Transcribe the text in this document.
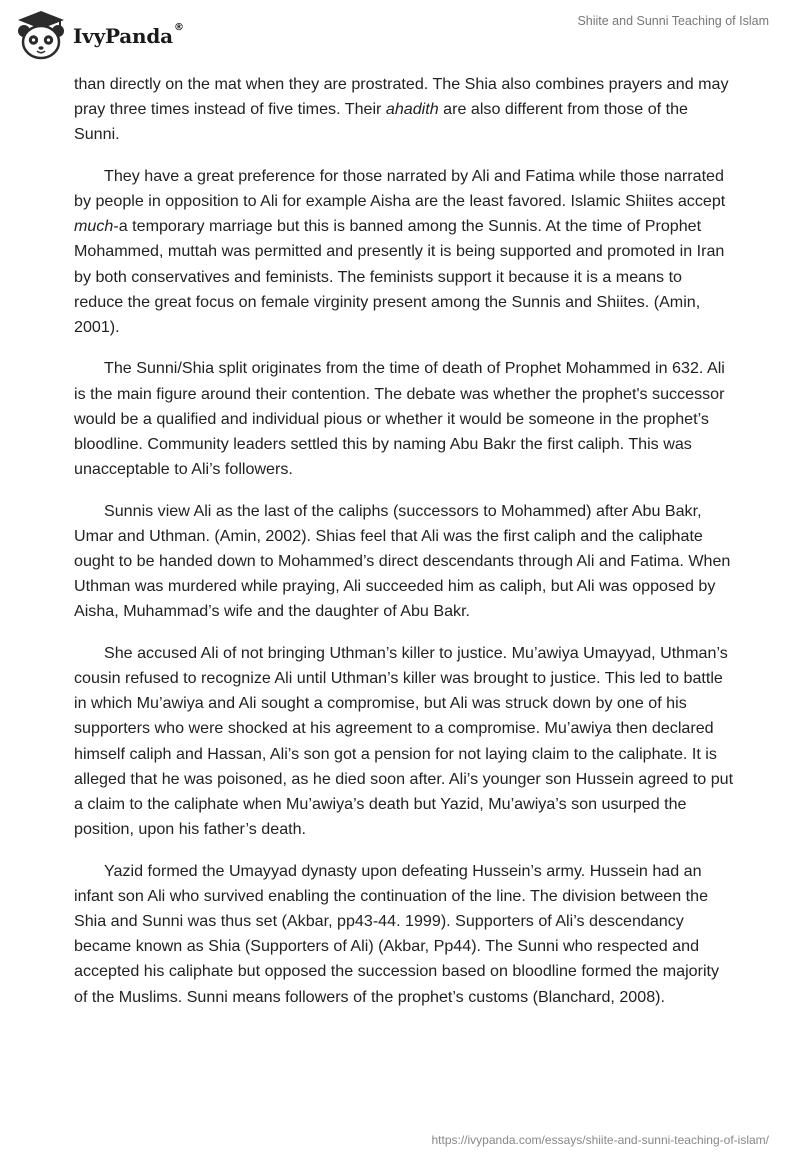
IvyPanda®	Shiite and Sunni Teaching of Islam

than directly on the mat when they are prostrated. The Shia also combines prayers and may pray three times instead of five times. Their ahadith are also different from those of the Sunni.

They have a great preference for those narrated by Ali and Fatima while those narrated by people in opposition to Ali for example Aisha are the least favored. Islamic Shiites accept much-a temporary marriage but this is banned among the Sunnis. At the time of Prophet Mohammed, muttah was permitted and presently it is being supported and promoted in Iran by both conservatives and feminists. The feminists support it because it is a means to reduce the great focus on female virginity present among the Sunnis and Shiites. (Amin, 2001).

The Sunni/Shia split originates from the time of death of Prophet Mohammed in 632. Ali is the main figure around their contention. The debate was whether the prophet's successor would be a qualified and individual pious or whether it would be someone in the prophet’s bloodline. Community leaders settled this by naming Abu Bakr the first caliph. This was unacceptable to Ali’s followers.

Sunnis view Ali as the last of the caliphs (successors to Mohammed) after Abu Bakr, Umar and Uthman. (Amin, 2002). Shias feel that Ali was the first caliph and the caliphate ought to be handed down to Mohammed’s direct descendants through Ali and Fatima. When Uthman was murdered while praying, Ali succeeded him as caliph, but Ali was opposed by Aisha, Muhammad’s wife and the daughter of Abu Bakr.

She accused Ali of not bringing Uthman’s killer to justice. Mu’awiya Umayyad, Uthman’s cousin refused to recognize Ali until Uthman’s killer was brought to justice. This led to battle in which Mu’awiya and Ali sought a compromise, but Ali was struck down by one of his supporters who were shocked at his agreement to a compromise. Mu’awiya then declared himself caliph and Hassan, Ali’s son got a pension for not laying claim to the caliphate. It is alleged that he was poisoned, as he died soon after. Ali’s younger son Hussein agreed to put a claim to the caliphate when Mu’awiya’s death but Yazid, Mu’awiya’s son usurped the position, upon his father’s death.

Yazid formed the Umayyad dynasty upon defeating Hussein’s army. Hussein had an infant son Ali who survived enabling the continuation of the line. The division between the Shia and Sunni was thus set (Akbar, pp43-44. 1999). Supporters of Ali’s descendancy became known as Shia (Supporters of Ali) (Akbar, Pp44). The Sunni who respected and accepted his caliphate but opposed the succession based on bloodline formed the majority of the Muslims. Sunni means followers of the prophet’s customs (Blanchard, 2008).

https://ivypanda.com/essays/shiite-and-sunni-teaching-of-islam/
